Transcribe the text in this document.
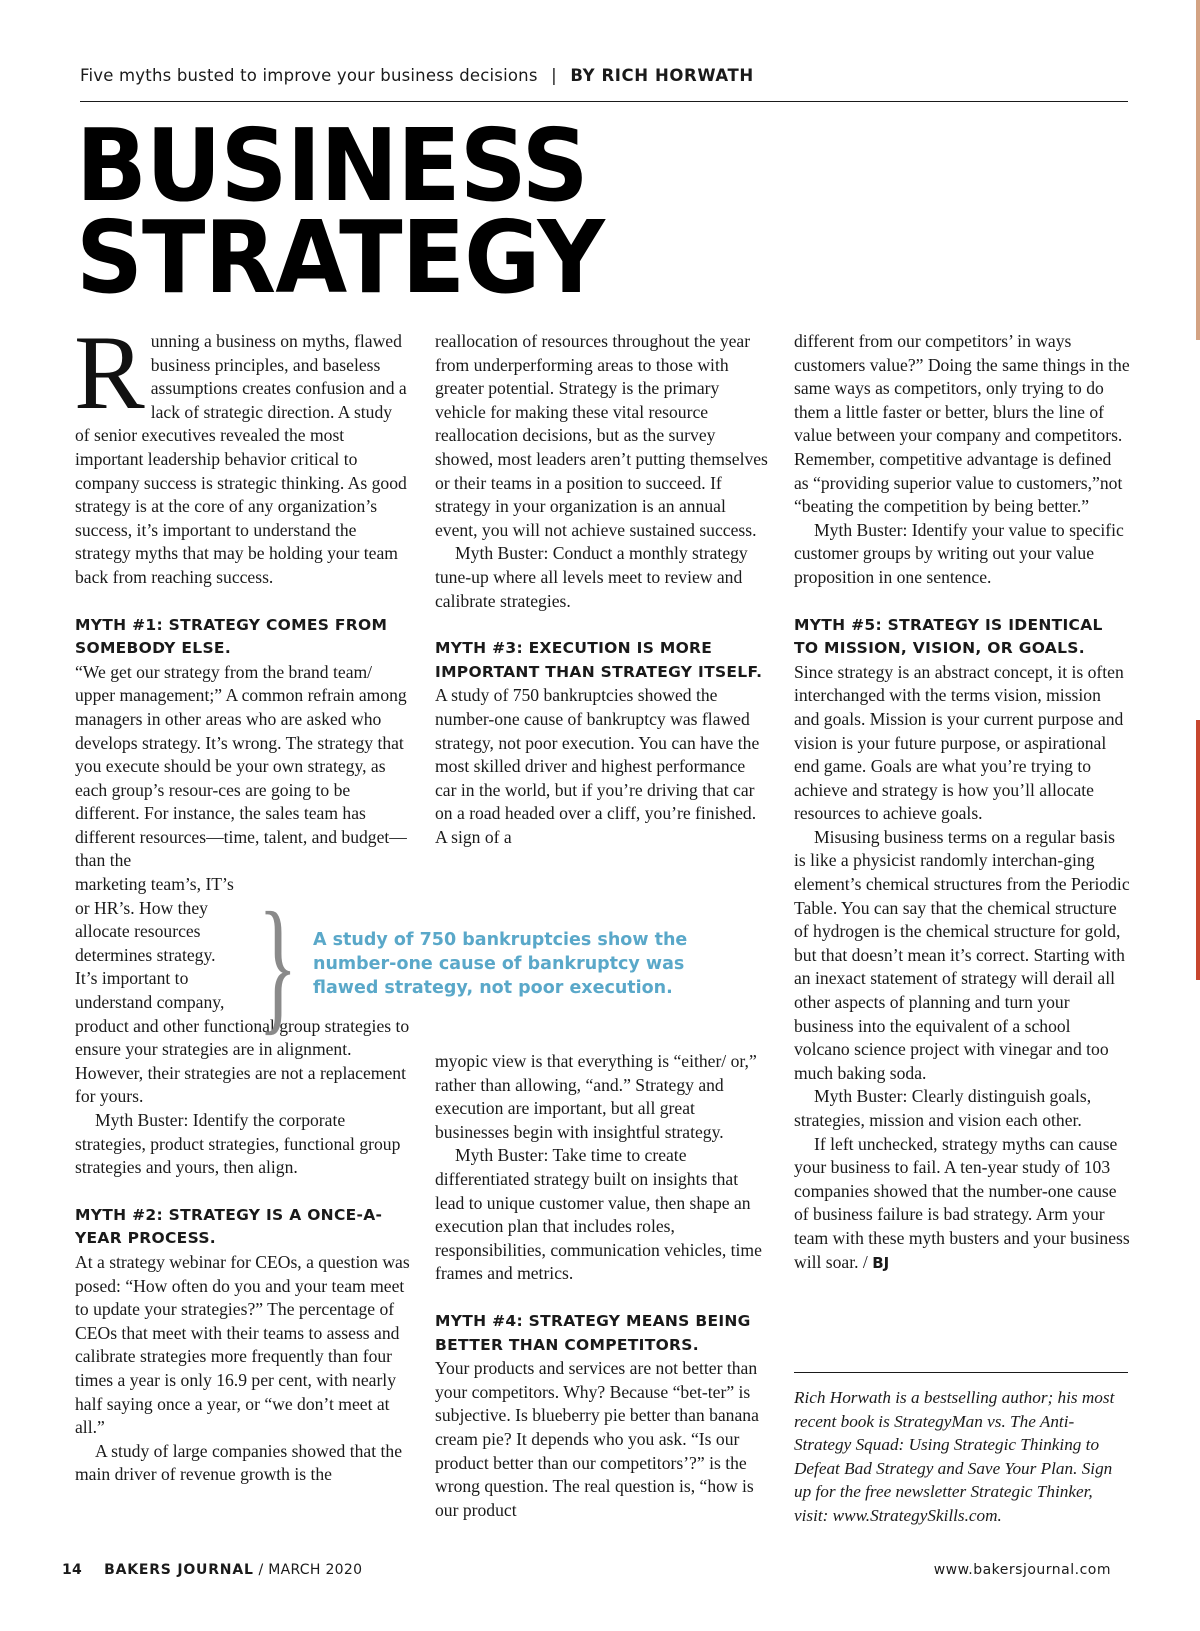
Five myths busted to improve your business decisions | BY RICH HORWATH
BUSINESS
STRATEGY

Running a business on myths, flawed business principles, and baseless assumptions creates confusion and a lack of strategic direction. A study of senior executives revealed the most important leadership behavior critical to company success is strategic thinking. As good strategy is at the core of any organization’s success, it’s important to understand the strategy myths that may be holding your team back from reaching success.

MYTH #1: STRATEGY COMES FROM SOMEBODY ELSE.

“We get our strategy from the brand team/ upper management;” A common refrain among managers in other areas who are asked who develops strategy. It’s wrong. The strategy that you execute should be your own strategy, as each group’s resour-ces are going to be different. For instance, the sales team has different resources—time, talent, and budget—than the

marketing team’s, IT’s
or HR’s. How they
allocate resources
determines strategy.
It’s important to
understand company,

product and other functional group strategies to ensure your strategies are in alignment. However, their strategies are not a replacement for yours.

Myth Buster: Identify the corporate strategies, product strategies, functional group strategies and yours, then align.

MYTH #2: STRATEGY IS A ONCE-A-YEAR PROCESS.

At a strategy webinar for CEOs, a question was posed: “How often do you and your team meet to update your strategies?” The percentage of CEOs that meet with their teams to assess and calibrate strategies more frequently than four times a year is only 16.9 per cent, with nearly half saying once a year, or “we don’t meet at all.”

A study of large companies showed that the main driver of revenue growth is the

reallocation of resources throughout the year from underperforming areas to those with greater potential. Strategy is the primary vehicle for making these vital resource reallocation decisions, but as the survey showed, most leaders aren’t putting themselves or their teams in a position to succeed. If strategy in your organization is an annual event, you will not achieve sustained success.

Myth Buster: Conduct a monthly strategy tune-up where all levels meet to review and calibrate strategies.

MYTH #3: EXECUTION IS MORE IMPORTANT THAN STRATEGY ITSELF.

A study of 750 bankruptcies showed the number-one cause of bankruptcy was flawed strategy, not poor execution. You can have the most skilled driver and highest performance car in the world, but if you’re driving that car on a road headed over a cliff, you’re finished. A sign of a

} A study of 750 bankruptcies show the number-one cause of bankruptcy was flawed strategy, not poor execution.

myopic view is that everything is “either/ or,” rather than allowing, “and.” Strategy and execution are important, but all great businesses begin with insightful strategy.

Myth Buster: Take time to create differentiated strategy built on insights that lead to unique customer value, then shape an execution plan that includes roles, responsibilities, communication vehicles, time frames and metrics.

MYTH #4: STRATEGY MEANS BEING BETTER THAN COMPETITORS.

Your products and services are not better than your competitors. Why? Because “bet-ter” is subjective. Is blueberry pie better than banana cream pie? It depends who you ask. “Is our product better than our competitors’?” is the wrong question. The real question is, “how is our product

different from our competitors’ in ways customers value?” Doing the same things in the same ways as competitors, only trying to do them a little faster or better, blurs the line of value between your company and competitors. Remember, competitive advantage is defined as “providing superior value to customers,”not “beating the competition by being better.”

Myth Buster: Identify your value to specific customer groups by writing out your value proposition in one sentence.

MYTH #5: STRATEGY IS IDENTICAL TO MISSION, VISION, OR GOALS.

Since strategy is an abstract concept, it is often interchanged with the terms vision, mission and goals. Mission is your current purpose and vision is your future purpose, or aspirational end game. Goals are what you’re trying to achieve and strategy is how you’ll allocate resources to achieve goals.

Misusing business terms on a regular basis is like a physicist randomly interchan-ging element’s chemical structures from the Periodic Table. You can say that the chemical structure of hydrogen is the chemical structure for gold, but that doesn’t mean it’s correct. Starting with an inexact statement of strategy will derail all other aspects of planning and turn your business into the equivalent of a school volcano science project with vinegar and too much baking soda.

Myth Buster: Clearly distinguish goals, strategies, mission and vision each other.

If left unchecked, strategy myths can cause your business to fail. A ten-year study of 103 companies showed that the number-one cause of business failure is bad strategy. Arm your team with these myth busters and your business will soar. / BJ

Rich Horwath is a bestselling author; his most recent book is StrategyMan vs. The Anti-Strategy Squad: Using Strategic Thinking to Defeat Bad Strategy and Save Your Plan. Sign up for the free newsletter Strategic Thinker, visit: www.StrategySkills.com.
14 BAKERS JOURNAL / MARCH 2020	www.bakersjournal.com
